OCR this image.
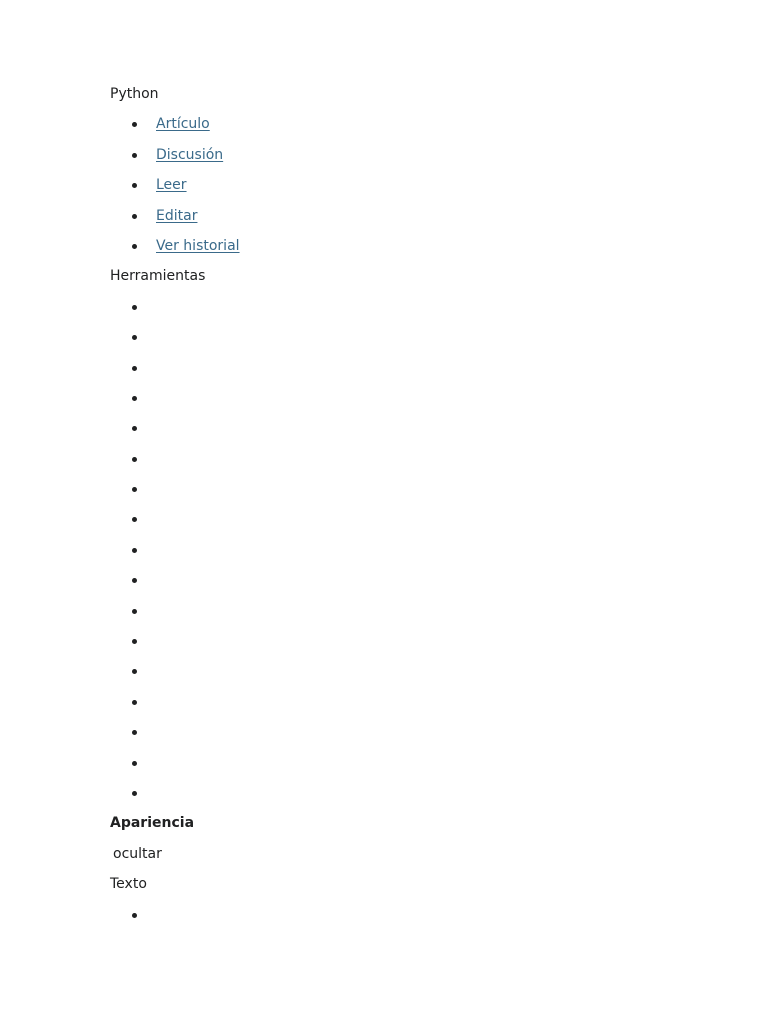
Python
Artículo
Discusión
Leer
Editar
Ver historial
Herramientas
Apariencia
ocultar
Texto
